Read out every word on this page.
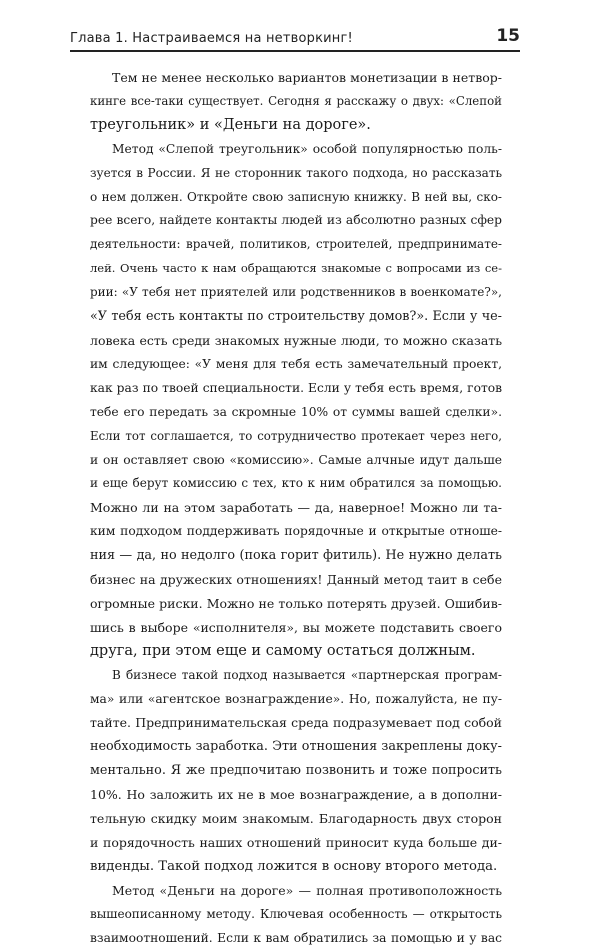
Глава 1. Настраиваемся на нетворкинг!	15
Тем не менее несколько вариантов монетизации в нетвор-
кинге все-таки существует. Сегодня я расскажу о двух: «Слепой
треугольник» и «Деньги на дороге».
Метод «Слепой треугольник» особой популярностью поль-
зуется в России. Я не сторонник такого подхода, но рассказать
о нем должен. Откройте свою записную книжку. В ней вы, ско-
рее всего, найдете контакты людей из абсолютно разных сфер
деятельности: врачей, политиков, строителей, предпринимате-
лей. Очень часто к нам обращаются знакомые с вопросами из се-
рии: «У тебя нет приятелей или родственников в военкомате?»,
«У тебя есть контакты по строительству домов?». Если у че-
ловека есть среди знакомых нужные люди, то можно сказать
им следующее: «У меня для тебя есть замечательный проект,
как раз по твоей специальности. Если у тебя есть время, готов
тебе его передать за скромные 10% от суммы вашей сделки».
Если тот соглашается, то сотрудничество протекает через него,
и он оставляет свою «комиссию». Самые алчные идут дальше
и еще берут комиссию с тех, кто к ним обратился за помощью.
Можно ли на этом заработать — да, наверное! Можно ли та-
ким подходом поддерживать порядочные и открытые отноше-
ния — да, но недолго (пока горит фитиль). Не нужно делать
бизнес на дружеских отношениях! Данный метод таит в себе
огромные риски. Можно не только потерять друзей. Ошибив-
шись в выборе «исполнителя», вы можете подставить своего
друга, при этом еще и самому остаться должным.
В бизнесе такой подход называется «партнерская програм-
ма» или «агентское вознаграждение». Но, пожалуйста, не пу-
тайте. Предпринимательская среда подразумевает под собой
необходимость заработка. Эти отношения закреплены доку-
ментально. Я же предпочитаю позвонить и тоже попросить
10%. Но заложить их не в мое вознаграждение, а в дополни-
тельную скидку моим знакомым. Благодарность двух сторон
и порядочность наших отношений приносит куда больше ди-
виденды. Такой подход ложится в основу второго метода.
Метод «Деньги на дороге» — полная противоположность
вышеописанному методу. Ключевая особенность — открытость
взаимоотношений. Если к вам обратились за помощью и у вас
